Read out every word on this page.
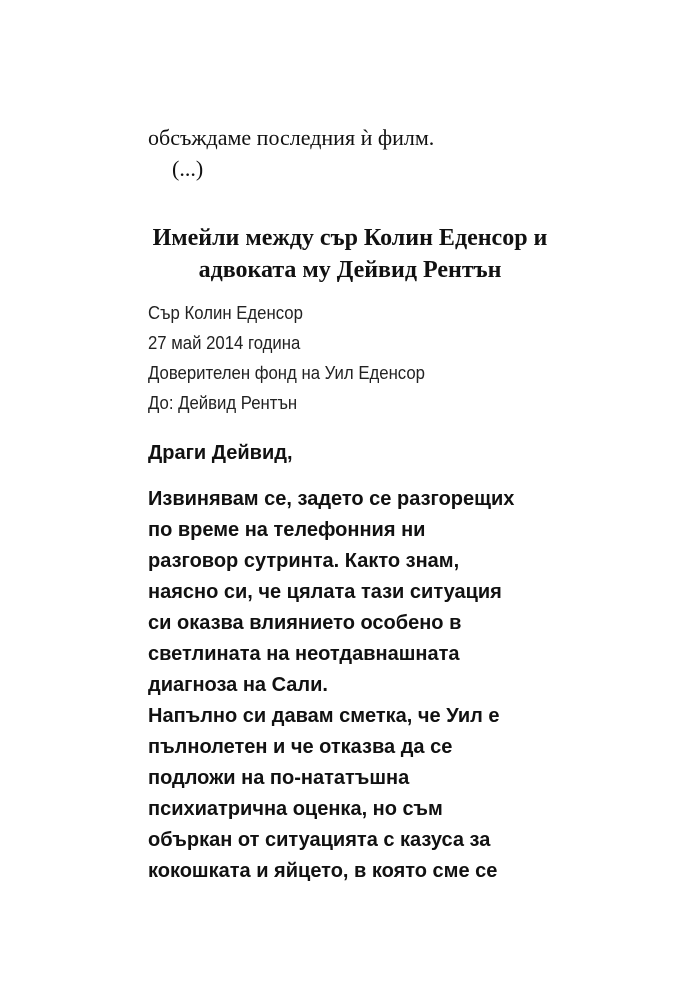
обсъждаме последния ѝ филм.
(...)
Имейли между сър Колин Еденсор и
адвоката му Дейвид Рентън
Сър Колин Еденсор
27 май 2014 година
Доверителен фонд на Уил Еденсор
До: Дейвид Рентън
Драги Дейвид,
Извинявам се, задето се разгорещих
по време на телефонния ни
разговор сутринта. Както знам,
наясно си, че цялата тази ситуация
си оказва влиянието особено в
светлината на неотдавнашната
диагноза на Сали.
Напълно си давам сметка, че Уил е
пълнолетен и че отказва да се
подложи на по-нататъшна
психиатрична оценка, но съм
объркан от ситуацията с казуса за
кокошката и яйцето, в която сме се
